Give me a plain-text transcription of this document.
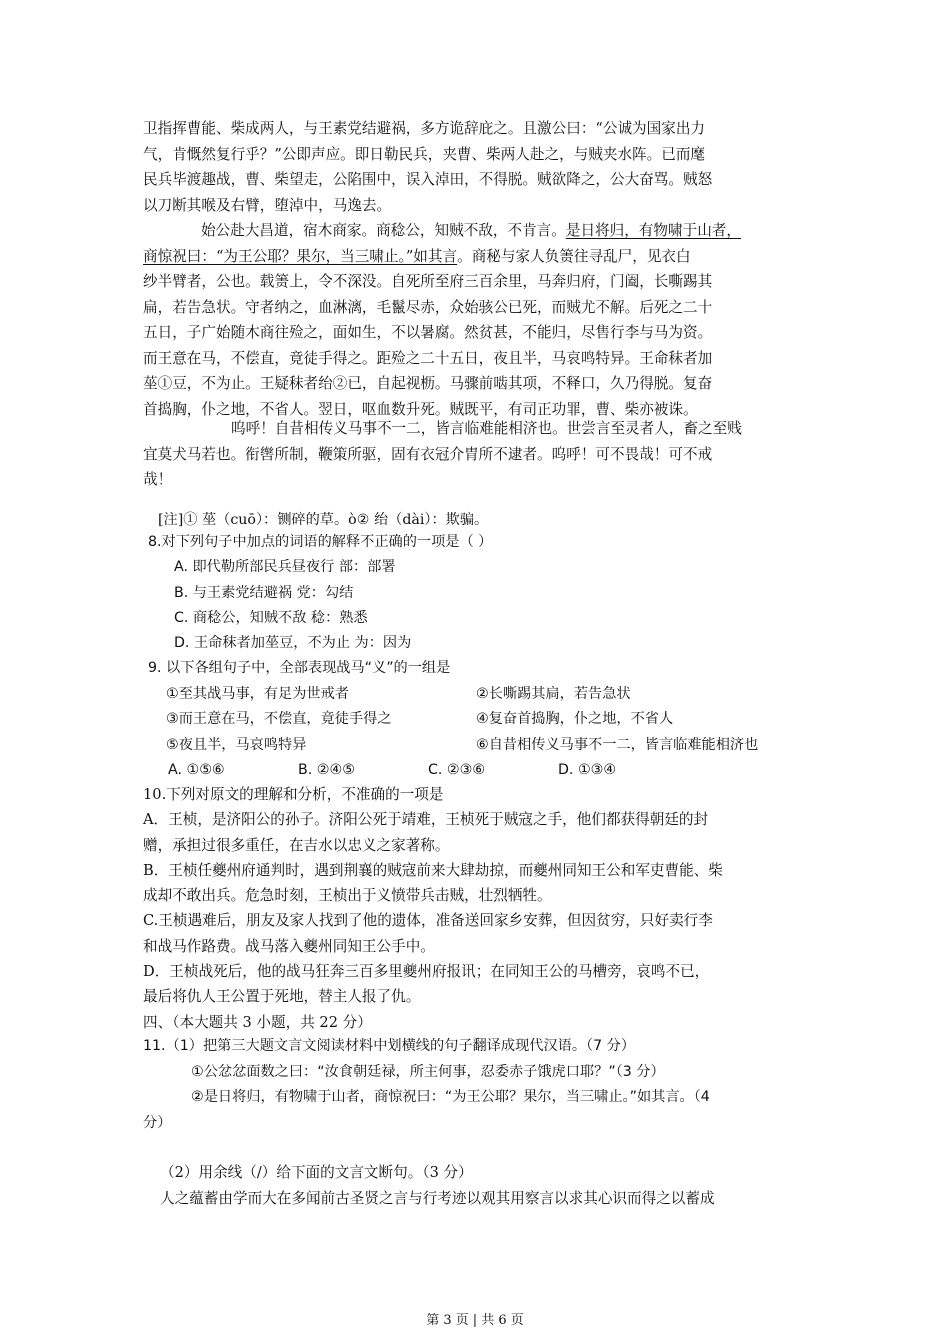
卫指挥曹能、柴成两人，与王素党结避祸，多方诡辞庇之。且激公曰：“公诚为国家出力
气，肯慨然复行乎？”公即声应。即日勒民兵，夹曹、柴两人赴之，与贼夹水阵。已而麾
民兵毕渡趣战，曹、柴望走，公陷围中，误入淖田，不得脱。贼欲降之，公大奋骂。贼怒
以刀断其喉及右臂，堕淖中，马逸去。
始公赴大昌道，宿木商家。商稔公，知贼不敌，不肯言。是日将归，有物啸于山者，
商惊祝曰：“为王公耶？果尔，当三啸止。”如其言。商秘与家人负箦往寻乱尸，见衣白
纱半臂者，公也。载箦上，令不深没。自死所至府三百余里，马奔归府，门阖，长嘶踢其
扁，若告急状。守者纳之，血淋漓，毛鬣尽赤，众始骇公已死，而贼尤不解。后死之二十
五日，子广始随木商往殓之，面如生，不以暑腐。然贫甚，不能归，尽售行李与马为资。
而王意在马，不偿直，竟徒手得之。距殓之二十五日，夜且半，马哀鸣特异。王命秣者加
莝①豆，不为止。王疑秣者绐②已，自起视枥。马骤前啮其项，不释口，久乃得脱。复奋
首捣胸，仆之地，不省人。翌日，呕血数升死。贼既平，有司正功罪，曹、柴亦被诛。
呜呼！自昔相传义马事不一二，皆言临难能相济也。世尝言至灵者人，畜之至贱
宜莫犬马若也。衔辔所制，鞭策所驱，固有衣冠介胄所不逮者。呜呼！可不畏哉！可不戒
哉！
[注]① 莝（cuō）：铡碎的草。ò② 绐（dài）：欺骗。
8.对下列句子中加点的词语的解释不正确的一项是（ ）
A. 即代勒所部民兵昼夜行 部：部署
B. 与王素党结避祸 党：勾结
C. 商稔公，知贼不敌 稔：熟悉
D. 王命秣者加莝豆，不为止 为：因为
9. 以下各组句子中，全部表现战马“义”的一组是
①至其战马事，有足为世戒者	②长嘶踢其扃，若告急状
③而王意在马，不偿直，竟徒手得之	④复奋首捣胸，仆之地，不省人
⑤夜且半，马哀鸣特异	⑥自昔相传义马事不一二，皆言临难能相济也
A. ①⑤⑥	B. ②④⑤	C. ②③⑥	D. ①③④
10.下列对原文的理解和分析，不准确的一项是
A．王桢，是济阳公的孙子。济阳公死于靖难，王桢死于贼寇之手，他们都获得朝廷的封
赠，承担过很多重任，在吉水以忠义之家著称。
B．王桢任夔州府通判时，遇到荆襄的贼寇前来大肆劫掠，而夔州同知王公和军吏曹能、柴
成却不敢出兵。危急时刻，王桢出于义愤带兵击贼，壮烈牺牲。
C.王桢遇难后，朋友及家人找到了他的遗体，准备送回家乡安葬，但因贫穷，只好卖行李
和战马作路费。战马落入夔州同知王公手中。
D．王桢战死后，他的战马狂奔三百多里夔州府报讯；在同知王公的马槽旁，哀鸣不已，
最后将仇人王公置于死地，替主人报了仇。
四、（本大题共 3 小题，共 22 分）
11.（1）把第三大题文言文阅读材料中划横线的句子翻译成现代汉语。（7 分）
①公忿忿面数之曰：“汝食朝廷禄，所主何事，忍委赤子饿虎口耶？”（3 分）
②是日将归，有物啸于山者，商惊祝曰：“为王公耶？果尔，当三啸止。”如其言。（4
分）
（2）用余线（/）给下面的文言文断句。（3 分）
人之蕴蓄由学而大在多闻前古圣贤之言与行考迹以观其用察言以求其心识而得之以蓄成
第 3 页 | 共 6 页
